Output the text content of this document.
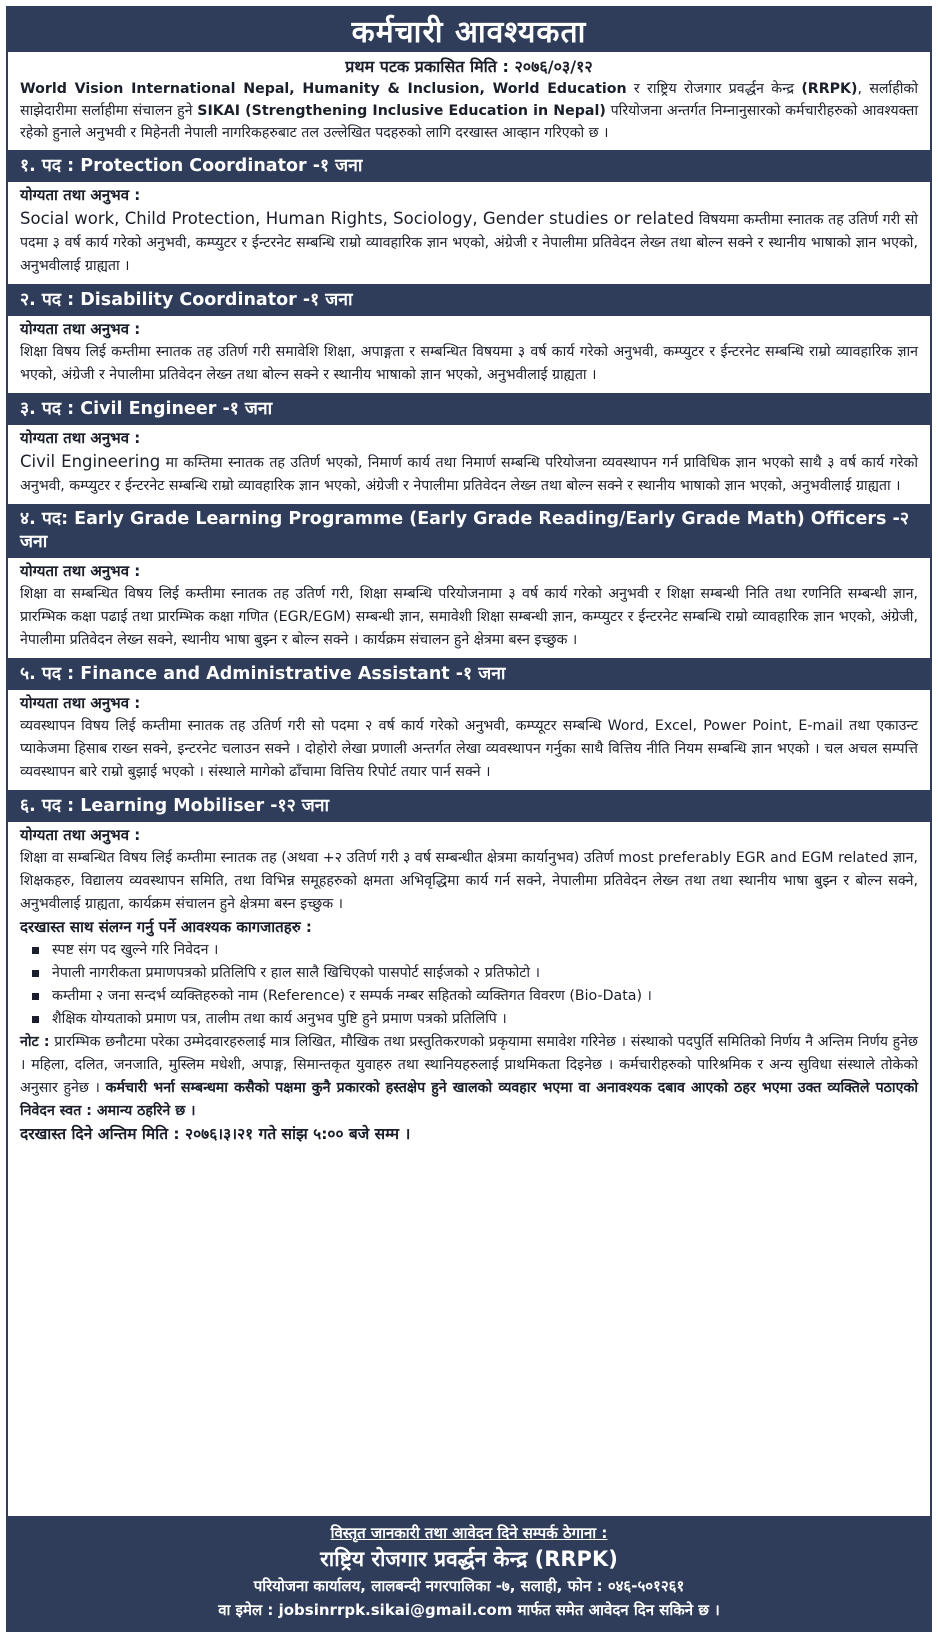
कर्मचारी आवश्यकता
प्रथम पटक प्रकासित मिति : २०७६/०३/१२
World Vision International Nepal, Humanity & Inclusion, World Education र राष्ट्रिय रोजगार प्रवर्द्धन केन्द्र (RRPK), सर्लाहीको साझेदारीमा सर्लाहीमा संचालन हुने SIKAI (Strengthening Inclusive Education in Nepal) परियोजना अन्तर्गत निम्नानुसारको कर्मचारीहरुको आवश्यक्ता रहेको हुनाले अनुभवी र मिहेनती नेपाली नागरिकहरुबाट तल उल्लेखित पदहरुको लागि दरखास्त आव्हान गरिएको छ ।
१. पद : Protection Coordinator -१ जना
योग्यता तथा अनुभव :
Social work, Child Protection, Human Rights, Sociology, Gender studies or related विषयमा कम्तीमा स्नातक तह उतिर्ण गरी सो पदमा ३ वर्ष कार्य गरेको अनुभवी, कम्प्युटर र ईन्टरनेट सम्बन्धि राम्रो व्यावहारिक ज्ञान भएको, अंग्रेजी र नेपालीमा प्रतिवेदन लेख्न तथा बोल्न सक्ने र स्थानीय भाषाको ज्ञान भएको, अनुभवीलाई ग्राह्यता ।
२. पद : Disability Coordinator -१ जना
योग्यता तथा अनुभव :
शिक्षा विषय लिई कम्तीमा स्नातक तह उतिर्ण गरी समावेशि शिक्षा, अपाङ्गता र सम्बन्धित विषयमा ३ वर्ष कार्य गरेको अनुभवी, कम्प्युटर र ईन्टरनेट सम्बन्धि राम्रो व्यावहारिक ज्ञान भएको, अंग्रेजी र नेपालीमा प्रतिवेदन लेख्न तथा बोल्न सक्ने र स्थानीय भाषाको ज्ञान भएको, अनुभवीलाई ग्राह्यता ।
३. पद : Civil Engineer -१ जना
योग्यता तथा अनुभव :
Civil Engineering मा कम्तिमा स्नातक तह उतिर्ण भएको, निमार्ण कार्य तथा निमार्ण सम्बन्धि परियोजना व्यवस्थापन गर्न प्राविधिक ज्ञान भएको साथै ३ वर्ष कार्य गरेको अनुभवी, कम्प्युटर र ईन्टरनेट सम्बन्धि राम्रो व्यावहारिक ज्ञान भएको, अंग्रेजी र नेपालीमा प्रतिवेदन लेख्न तथा बोल्न सक्ने र स्थानीय भाषाको ज्ञान भएको, अनुभवीलाई ग्राह्यता ।
४. पद: Early Grade Learning Programme (Early Grade Reading/Early Grade Math) Officers -२ जना
योग्यता तथा अनुभव :
शिक्षा वा सम्बन्धित विषय लिई कम्तीमा स्नातक तह उतिर्ण गरी, शिक्षा सम्बन्धि परियोजनामा ३ वर्ष कार्य गरेको अनुभवी र शिक्षा सम्बन्धी निति तथा रणनिति सम्बन्धी ज्ञान, प्रारम्भिक कक्षा पढाई तथा प्रारम्भिक कक्षा गणित (EGR/EGM) सम्बन्धी ज्ञान, समावेशी शिक्षा सम्बन्धी ज्ञान, कम्प्युटर र ईन्टरनेट सम्बन्धि राम्रो व्यावहारिक ज्ञान भएको, अंग्रेजी, नेपालीमा प्रतिवेदन लेख्न सक्ने, स्थानीय भाषा बुझ्न र बोल्न सक्ने । कार्यक्रम संचालन हुने क्षेत्रमा बस्न इच्छुक ।
५. पद : Finance and Administrative Assistant -१ जना
योग्यता तथा अनुभव :
व्यवस्थापन विषय लिई कम्तीमा स्नातक तह उतिर्ण गरी सो पदमा २ वर्ष कार्य गरेको अनुभवी, कम्प्यूटर सम्बन्धि Word, Excel, Power Point, E-mail तथा एकाउन्ट प्याकेजमा हिसाब राख्न सक्ने, इन्टरनेट चलाउन सक्ने । दोहोरो लेखा प्रणाली अन्तर्गत लेखा व्यवस्थापन गर्नुका साथै वित्तिय नीति नियम सम्बन्धि ज्ञान भएको । चल अचल सम्पत्ति व्यवस्थापन बारे राम्रो बुझाई भएको । संस्थाले मागेको ढाँचामा वित्तिय रिपोर्ट तयार पार्न सक्ने ।
६. पद : Learning Mobiliser -१२ जना
योग्यता तथा अनुभव :
शिक्षा वा सम्बन्धित विषय लिई कम्तीमा स्नातक तह (अथवा +२ उतिर्ण गरी ३ वर्ष सम्बन्धीत क्षेत्रमा कार्यानुभव) उतिर्ण most preferably EGR and EGM related ज्ञान, शिक्षकहरु, विद्यालय व्यवस्थापन समिति, तथा विभिन्न समूहहरुको क्षमता अभिवृद्धिमा कार्य गर्न सक्ने, नेपालीमा प्रतिवेदन लेख्न तथा तथा स्थानीय भाषा बुझ्न र बोल्न सक्ने, अनुभवीलाई ग्राह्यता, कार्यक्रम संचालन हुने क्षेत्रमा बस्न इच्छुक ।
दरखास्त साथ संलग्न गर्नु पर्ने आवश्यक कागजातहरु :
स्पष्ट संग पद खुल्ने गरि निवेदन ।
नेपाली नागरीकता प्रमाणपत्रको प्रतिलिपि र हाल सालै खिचिएको पासपोर्ट साईजको २ प्रतिफोटो ।
कम्तीमा २ जना सन्दर्भ व्यक्तिहरुको नाम (Reference) र सम्पर्क नम्बर सहितको व्यक्तिगत विवरण (Bio-Data) ।
शैक्षिक योग्यताको प्रमाण पत्र, तालीम तथा कार्य अनुभव पुष्टि हुने प्रमाण पत्रको प्रतिलिपि ।
नोट : प्रारम्भिक छनौटमा परेका उम्मेदवारहरुलाई मात्र लिखित, मौखिक तथा प्रस्तुतिकरणको प्रकृयामा समावेश गरिनेछ । संस्थाको पदपुर्ति समितिको निर्णय नै अन्तिम निर्णय हुनेछ । महिला, दलित, जनजाति, मुस्लिम मधेशी, अपाङ्ग, सिमान्तकृत युवाहरु तथा स्थानियहरुलाई प्राथमिकता दिइनेछ । कर्मचारीहरुको पारिश्रमिक र अन्य सुविधा संस्थाले तोकेको अनुसार हुनेछ । कर्मचारी भर्ना सम्बन्धमा कसैको पक्षमा कुनै प्रकारको हस्तक्षेप हुने खालको व्यवहार भएमा वा अनावश्यक दबाव आएको ठहर भएमा उक्त व्यक्तिले पठाएको निवेदन स्वत : अमान्य ठहरिने छ ।
दरखास्त दिने अन्तिम मिति : २०७६।३।२१ गते सांझ ५:०० बजे सम्म ।
विस्तृत जानकारी तथा आवेदन दिने सम्पर्क ठेगाना :
राष्ट्रिय रोजगार प्रवर्द्धन केन्द्र (RRPK)
परियोजना कार्यालय, लालबन्दी नगरपालिका -७, सलाही, फोन : ०४६-५०१२६१
वा इमेल : jobsinrrpk.sikai@gmail.com मार्फत समेत आवेदन दिन सकिने छ ।
